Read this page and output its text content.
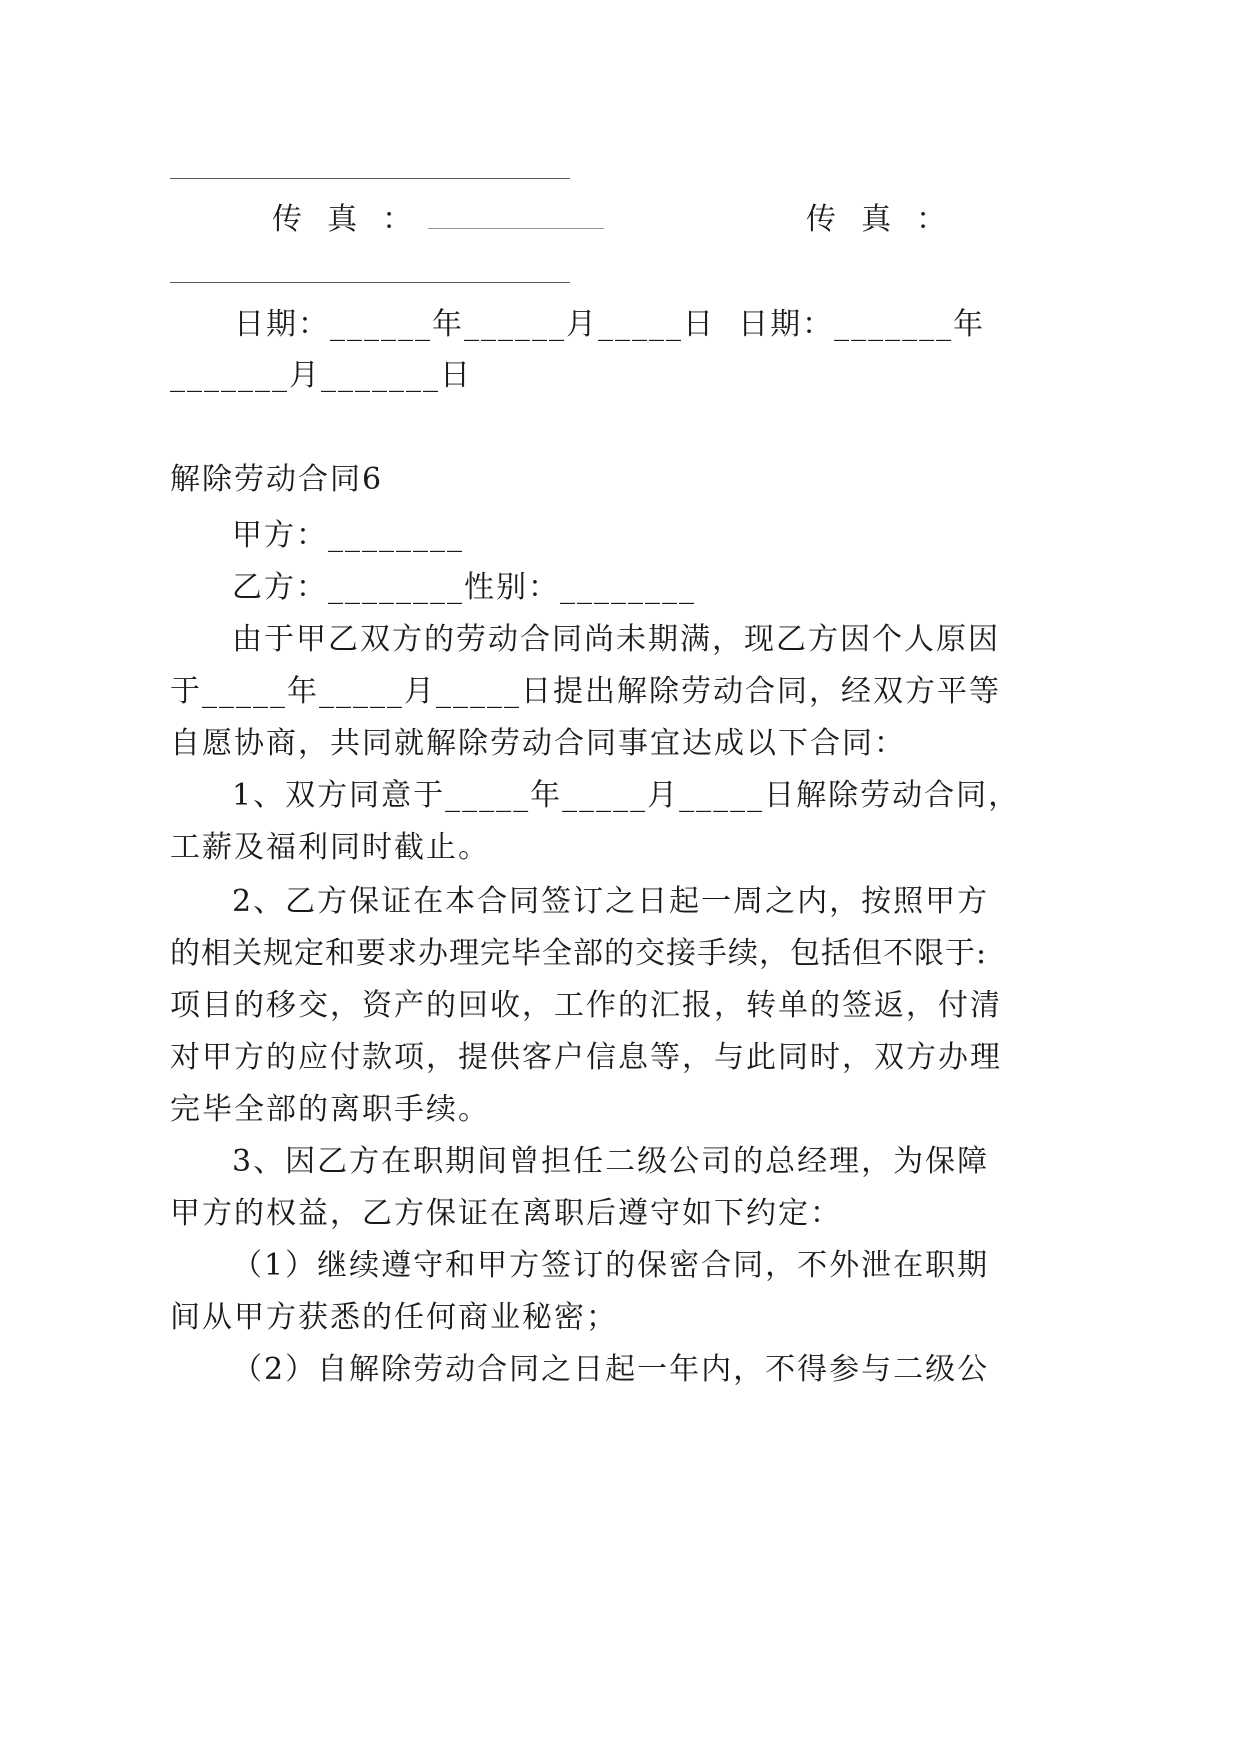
传  真  ： ______________________	传  真  ：
日期：______年______月_____日  日期：_______年
_______月_______日
解除劳动合同6
甲方：________
乙方：________性别：________
由于甲乙双方的劳动合同尚未期满，现乙方因个人原因
于_____年_____月_____日提出解除劳动合同，经双方平等
自愿协商，共同就解除劳动合同事宜达成以下合同：
1、双方同意于_____年_____月_____日解除劳动合同，
工薪及福利同时截止。
2、乙方保证在本合同签订之日起一周之内，按照甲方
的相关规定和要求办理完毕全部的交接手续，包括但不限于:
项目的移交，资产的回收，工作的汇报，转单的签返，付清
对甲方的应付款项，提供客户信息等，与此同时，双方办理
完毕全部的离职手续。
3、因乙方在职期间曾担任二级公司的总经理，为保障
甲方的权益，乙方保证在离职后遵守如下约定：
（1）继续遵守和甲方签订的保密合同，不外泄在职期
间从甲方获悉的任何商业秘密；
（2）自解除劳动合同之日起一年内，不得参与二级公
